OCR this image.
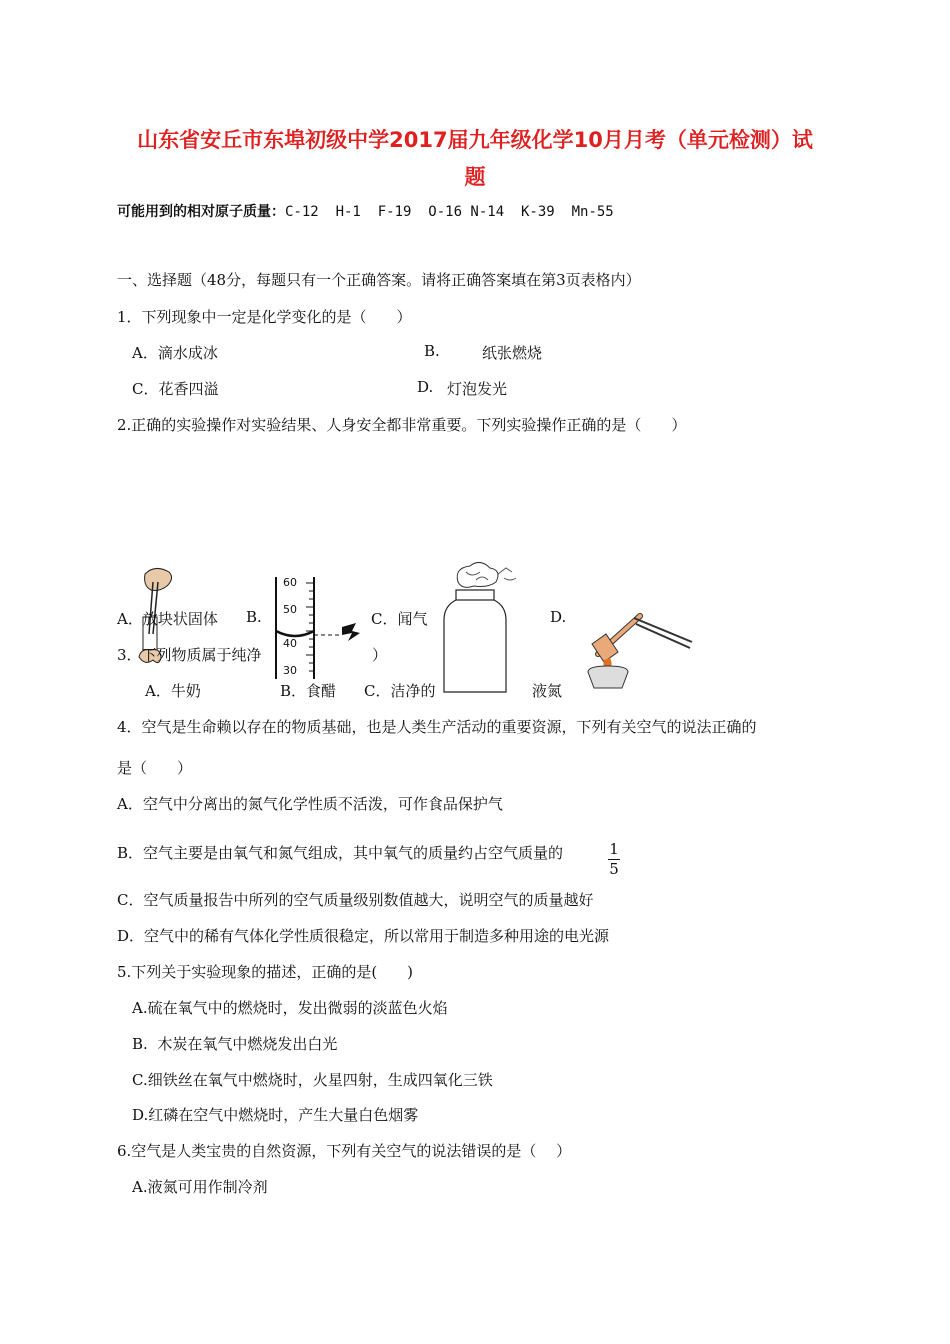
山东省安丘市东埠初级中学2017届九年级化学10月月考（单元检测）试
题
可能用到的相对原子质量：C-12  H-1  F-19  O-16 N-14  K-39  Mn-55
一、选择题（48分，每题只有一个正确答案。请将正确答案填在第3页表格内）
1．下列现象中一定是化学变化的是（　　）
A．滴水成冰	B.	纸张燃烧
C．花香四溢	D. 灯泡发光
2.正确的实验操作对实验结果、人身安全都非常重要。下列实验操作正确的是（　　）
A．放块状固体 B.	C．闻气	D.
60
50
40
30
3．下列物质属于纯净	）
A．牛奶	B．食醋 C．洁净的	液氮
4．空气是生命赖以存在的物质基础，也是人类生产活动的重要资源，下列有关空气的说法正确的
是（　　）
A．空气中分离出的氮气化学性质不活泼，可作食品保护气
B．空气主要是由氧气和氮气组成，其中氧气的质量约占空气质量的	1
5
C．空气质量报告中所列的空气质量级别数值越大，说明空气的质量越好
D．空气中的稀有气体化学性质很稳定，所以常用于制造多种用途的电光源
5.下列关于实验现象的描述，正确的是(　　)
A.硫在氧气中的燃烧时，发出微弱的淡蓝色火焰
B.  木炭在氧气中燃烧发出白光
C.细铁丝在氧气中燃烧时，火星四射，生成四氧化三铁
D.红磷在空气中燃烧时，产生大量白色烟雾
6.空气是人类宝贵的自然资源，下列有关空气的说法错误的是（　 ）
A.液氮可用作制冷剂
